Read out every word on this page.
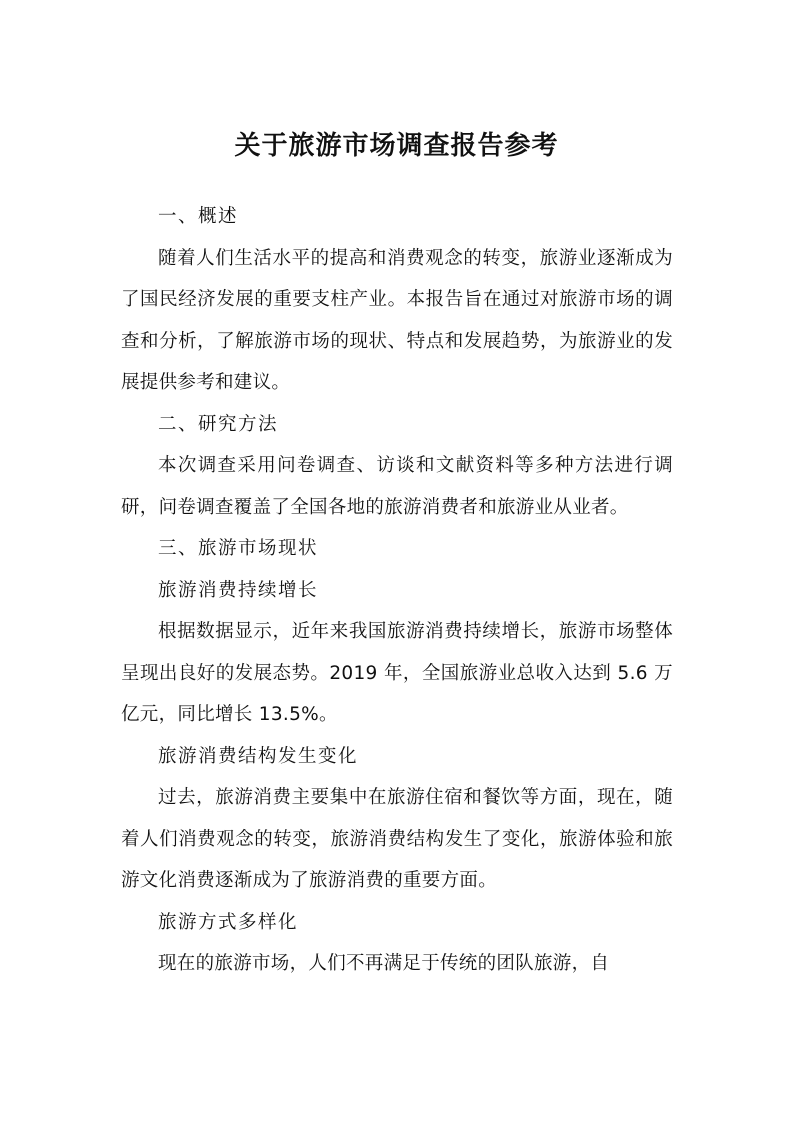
关于旅游市场调查报告参考

一、概述

随着人们生活水平的提高和消费观念的转变，旅游业逐渐成为了国民经济发展的重要支柱产业。本报告旨在通过对旅游市场的调查和分析，了解旅游市场的现状、特点和发展趋势，为旅游业的发展提供参考和建议。

二、研究方法

本次调查采用问卷调查、访谈和文献资料等多种方法进行调研，问卷调查覆盖了全国各地的旅游消费者和旅游业从业者。

三、旅游市场现状

旅游消费持续增长

根据数据显示，近年来我国旅游消费持续增长，旅游市场整体呈现出良好的发展态势。2019 年，全国旅游业总收入达到 5.6 万亿元，同比增长 13.5%。

旅游消费结构发生变化

过去，旅游消费主要集中在旅游住宿和餐饮等方面，现在，随着人们消费观念的转变，旅游消费结构发生了变化，旅游体验和旅游文化消费逐渐成为了旅游消费的重要方面。

旅游方式多样化

现在的旅游市场，人们不再满足于传统的团队旅游，自
